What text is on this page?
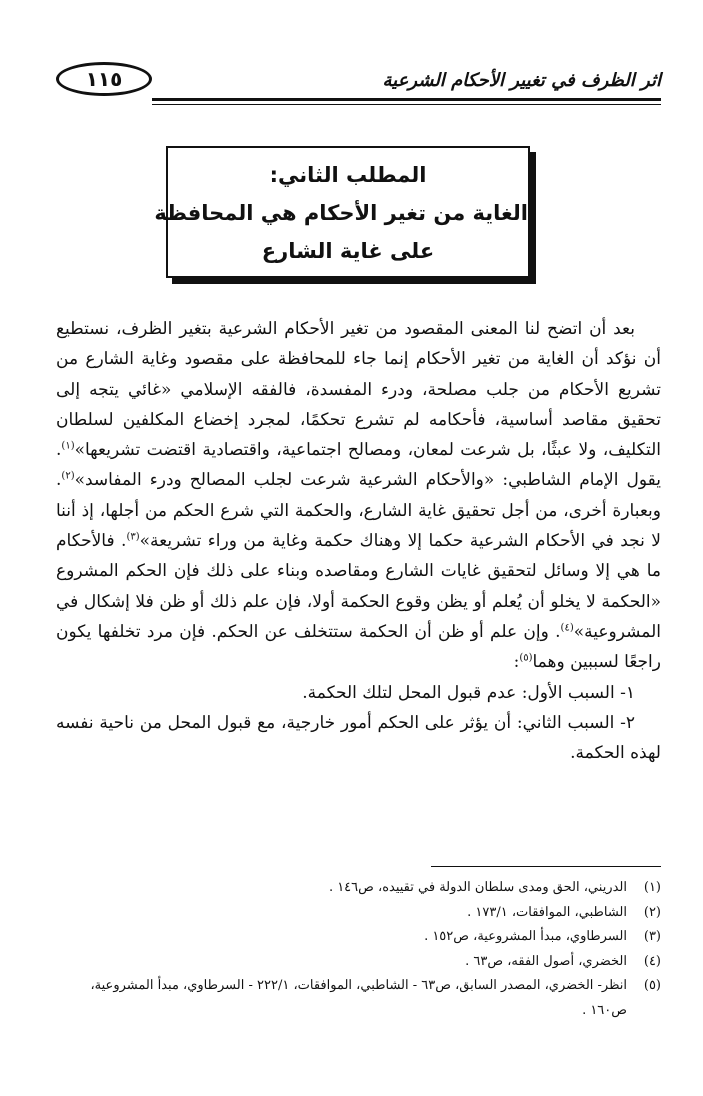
اثر الظرف في تغيير الأحكام الشرعية
١١٥
المطلب الثاني:
الغاية من تغير الأحكام هي المحافظة
على غاية الشارع

بعد أن اتضح لنا المعنى المقصود من تغير الأحكام الشرعية بتغير الظرف، نستطيع أن نؤكد أن الغاية من تغير الأحكام إنما جاء للمحافظة على مقصود وغاية الشارع من تشريع الأحكام من جلب مصلحة، ودرء المفسدة، فالفقه الإسلامي «غائي يتجه إلى تحقيق مقاصد أساسية، فأحكامه لم تشرع تحكمًا، لمجرد إخضاع المكلفين لسلطان التكليف، ولا عبثًا، بل شرعت لمعان، ومصالح اجتماعية، واقتصادية اقتضت تشريعها»$^{(١)}$. يقول الإمام الشاطبي: «والأحكام الشرعية شرعت لجلب المصالح ودرء المفاسد»$^{(٢)}$. وبعبارة أخرى، من أجل تحقيق غاية الشارع، والحكمة التي شرع الحكم من أجلها، إذ أننا لا نجد في الأحكام الشرعية حكما إلا وهناك حكمة وغاية من وراء تشريعة»$^{(٣)}$. فالأحكام ما هي إلا وسائل لتحقيق غايات الشارع ومقاصده وبناء على ذلك فإن الحكم المشروع «الحكمة لا يخلو أن يُعلم أو يظن وقوع الحكمة أولا، فإن علم ذلك أو ظن فلا إشكال في المشروعية»$^{(٤)}$. وإن علم أو ظن أن الحكمة ستتخلف عن الحكم. فإن مرد تخلفها يكون راجعًا لسببين وهما$^{(٥)}$:

١- السبب الأول: عدم قبول المحل لتلك الحكمة.

٢- السبب الثاني: أن يؤثر على الحكم أمور خارجية، مع قبول المحل من ناحية نفسه لهذه الحكمة.

(١)
الدريني، الحق ومدى سلطان الدولة في تقييده، ص١٤٦ .
(٢)
الشاطبي، الموافقات، ١٧٣/١ .
(٣)
السرطاوي، مبدأ المشروعية، ص١٥٢ .
(٤)
الخضري، أصول الفقه، ص٦٣ .
(٥)
انظر- الخضري، المصدر السابق، ص٦٣ - الشاطبي، الموافقات، ٢٢٢/١ - السرطاوي، مبدأ المشروعية، ص١٦٠ .
